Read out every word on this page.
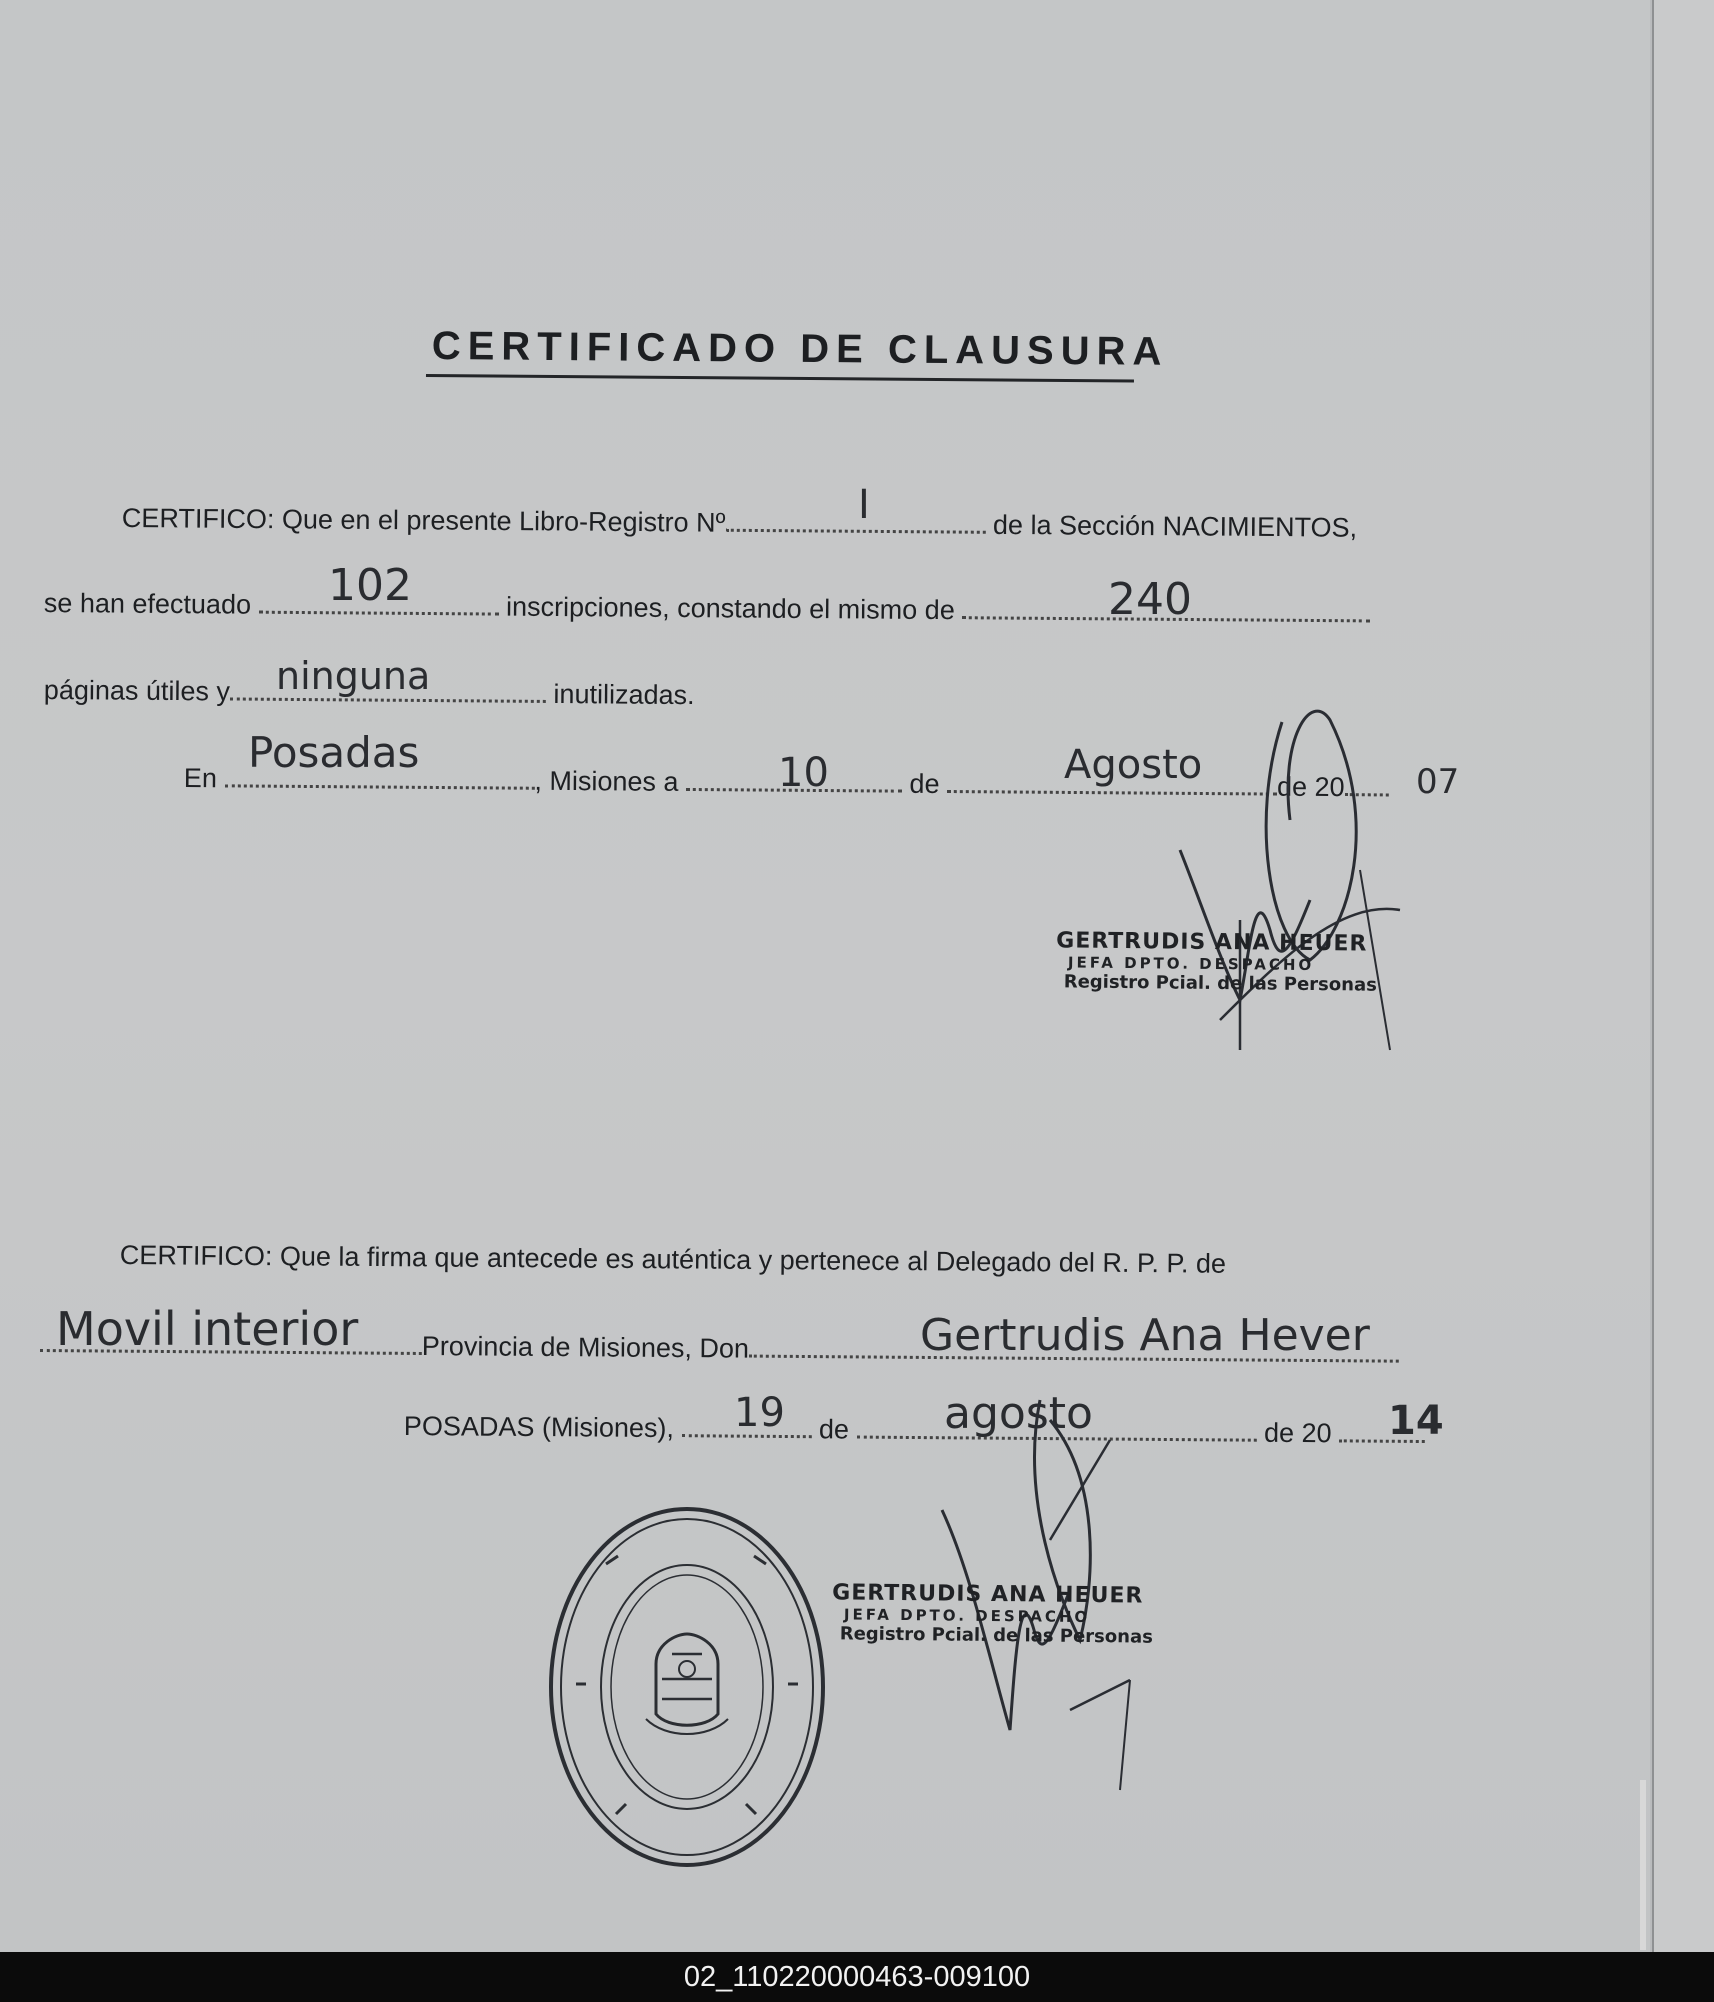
CERTIFICADO DE CLAUSURA
CERTIFICO: Que en el presente Libro-Registro Nº	de la Sección NACIMIENTOS,
I
se han efectuado	inscripciones, constando el mismo de
102	240
páginas útiles y	inutilizadas.
ninguna
En	, Misiones a	de	de 20
Posadas	10	Agosto	07
GERTRUDIS ANA HEUER
JEFA DPTO. DESPACHO
Registro Pcial. de las Personas
CERTIFICO: Que la firma que antecede es auténtica y pertenece al Delegado del R. P. P. de
Provincia de Misiones, Don
Movil interior	Gertrudis Ana Hever
POSADAS (Misiones),	de	de 20
19	agosto	14
GERTRUDIS ANA HEUER
JEFA DPTO. DESPACHO
Registro Pcial. de las Personas
02_110220000463-009100
